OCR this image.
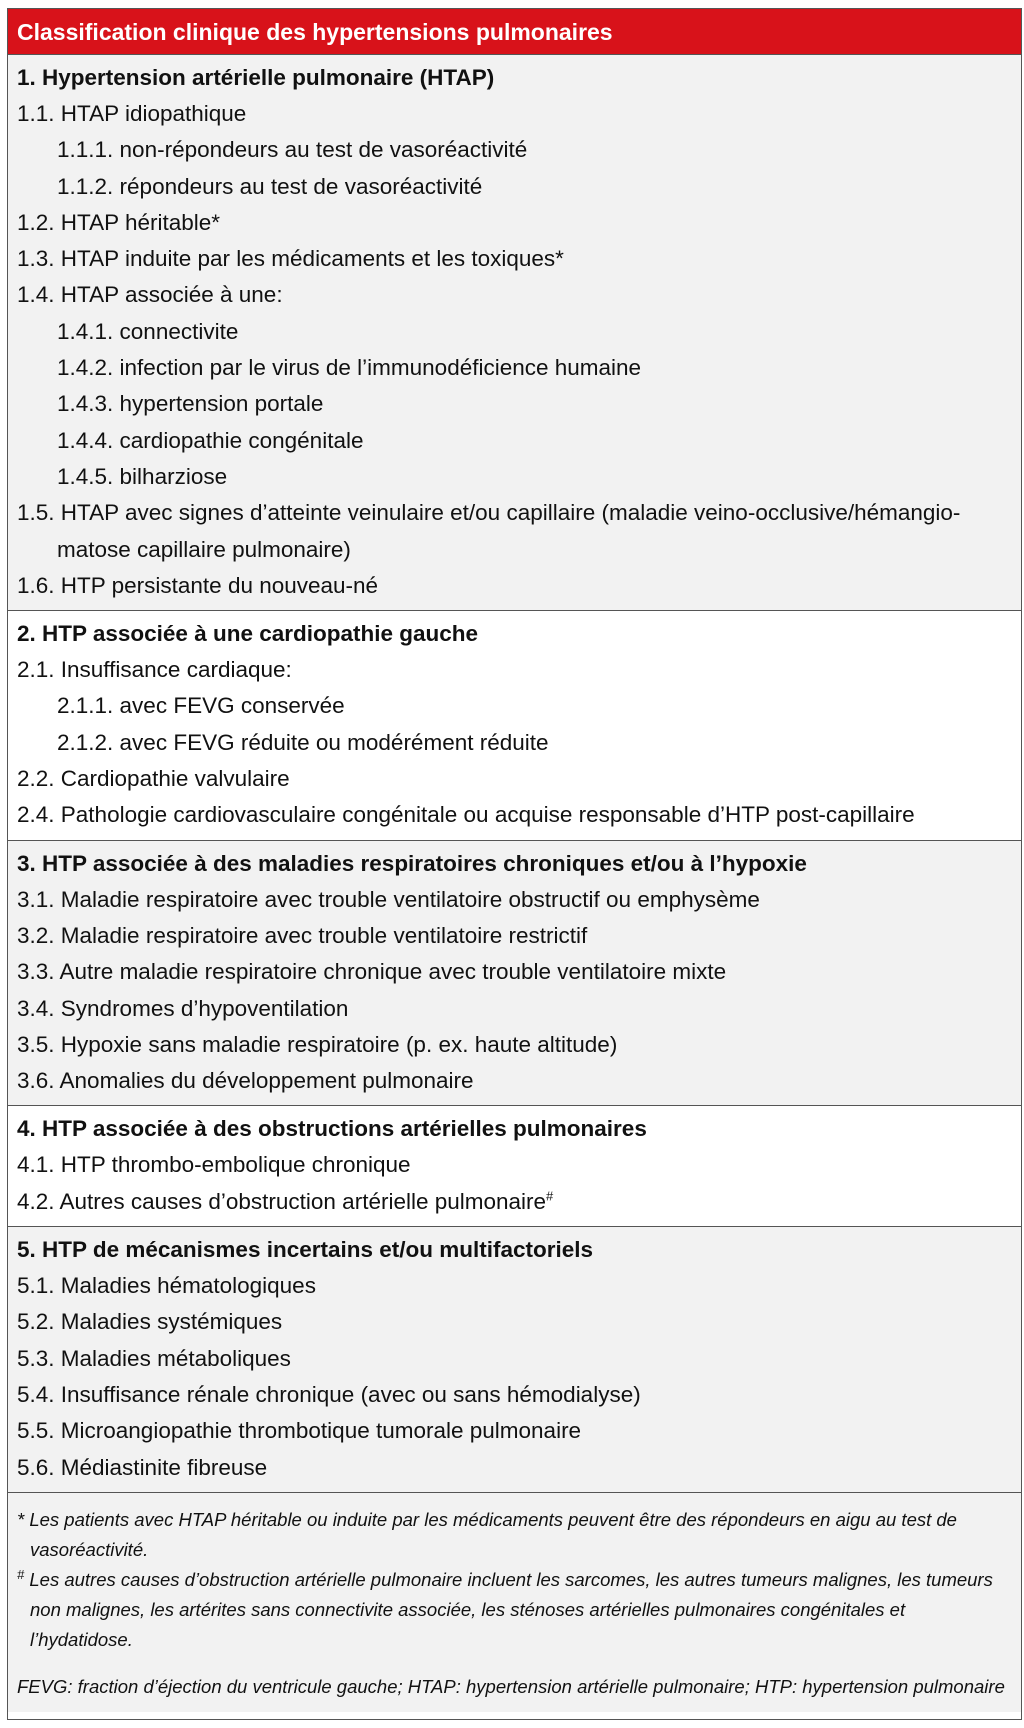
Classification clinique des hypertensions pulmonaires
1. Hypertension artérielle pulmonaire (HTAP)
1.1. HTAP idiopathique
1.1.1. non-répondeurs au test de vasoréactivité
1.1.2. répondeurs au test de vasoréactivité
1.2. HTAP héritable*
1.3. HTAP induite par les médicaments et les toxiques*
1.4. HTAP associée à une:
1.4.1. connectivite
1.4.2. infection par le virus de l’immunodéficience humaine
1.4.3. hypertension portale
1.4.4. cardiopathie congénitale
1.4.5. bilharziose
1.5. HTAP avec signes d’atteinte veinulaire et/ou capillaire (maladie veino-occlusive/hémangio-
matose capillaire pulmonaire)
1.6. HTP persistante du nouveau-né
2. HTP associée à une cardiopathie gauche
2.1. Insuffisance cardiaque:
2.1.1. avec FEVG conservée
2.1.2. avec FEVG réduite ou modérément réduite
2.2. Cardiopathie valvulaire
2.4. Pathologie cardiovasculaire congénitale ou acquise responsable d’HTP post-capillaire
3. HTP associée à des maladies respiratoires chroniques et/ou à l’hypoxie
3.1. Maladie respiratoire avec trouble ventilatoire obstructif ou emphysème
3.2. Maladie respiratoire avec trouble ventilatoire restrictif
3.3. Autre maladie respiratoire chronique avec trouble ventilatoire mixte
3.4. Syndromes d’hypoventilation
3.5. Hypoxie sans maladie respiratoire (p. ex. haute altitude)
3.6. Anomalies du développement pulmonaire
4. HTP associée à des obstructions artérielles pulmonaires
4.1. HTP thrombo-embolique chronique
4.2. Autres causes d’obstruction artérielle pulmonaire#
5. HTP de mécanismes incertains et/ou multifactoriels
5.1. Maladies hématologiques
5.2. Maladies systémiques
5.3. Maladies métaboliques
5.4. Insuffisance rénale chronique (avec ou sans hémodialyse)
5.5. Microangiopathie thrombotique tumorale pulmonaire
5.6. Médiastinite fibreuse
* Les patients avec HTAP héritable ou induite par les médicaments peuvent être des répondeurs en aigu au test de vasoréactivité.
# Les autres causes d’obstruction artérielle pulmonaire incluent les sarcomes, les autres tumeurs malignes, les tumeurs non malignes, les artérites sans connectivite associée, les sténoses artérielles pulmonaires congénitales et l’hydatidose.
FEVG: fraction d’éjection du ventricule gauche; HTAP: hypertension artérielle pulmonaire; HTP: hypertension pulmonaire
